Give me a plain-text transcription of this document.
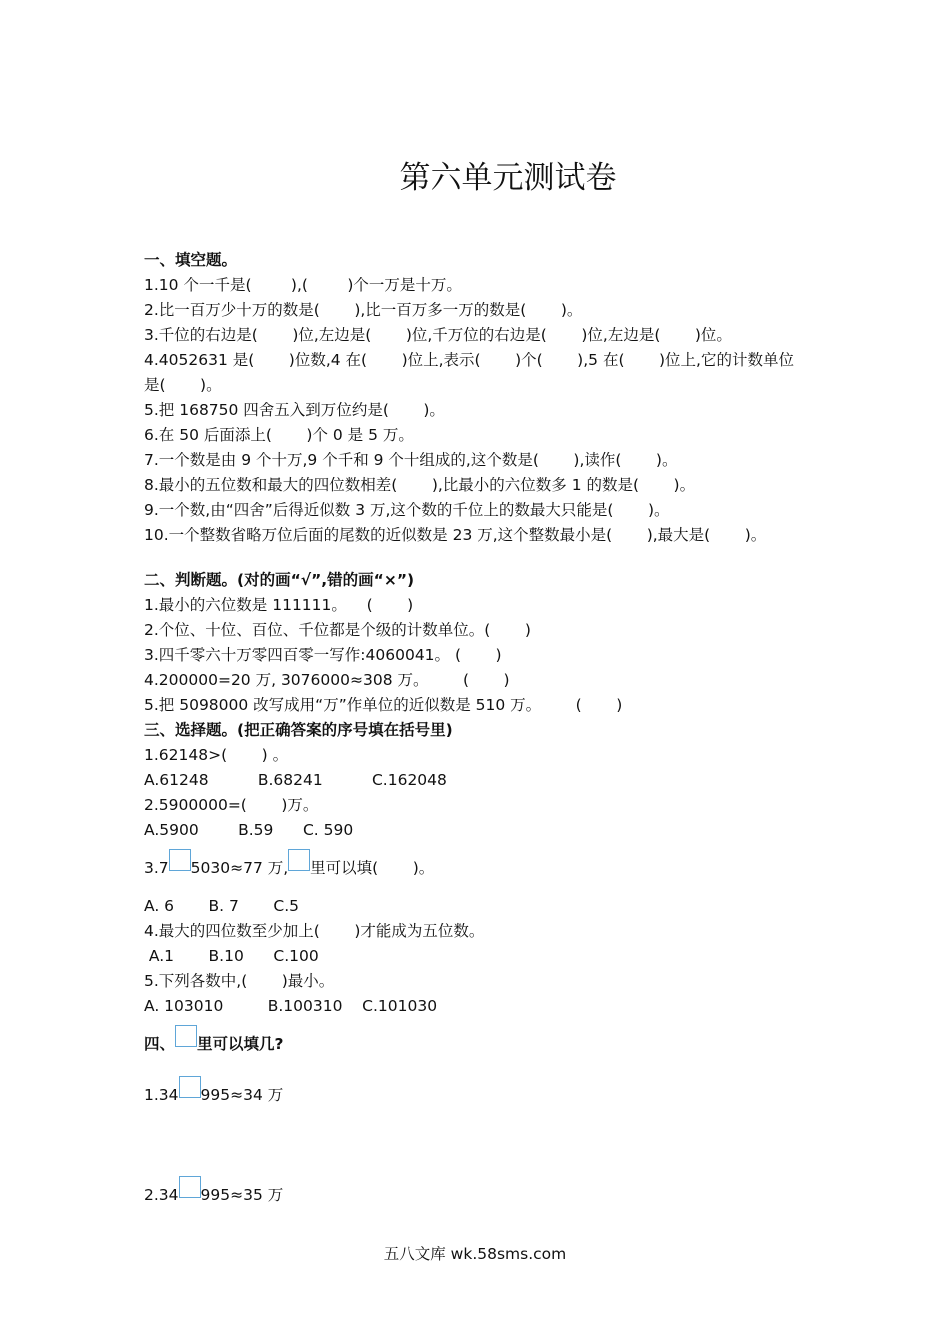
第六单元测试卷
一、填空题。
1.10 个一千是(        ),(        )个一万是十万。
2.比一百万少十万的数是(       ),比一百万多一万的数是(       )。
3.千位的右边是(       )位,左边是(       )位,千万位的右边是(       )位,左边是(       )位。
4.4052631 是(       )位数,4 在(       )位上,表示(       )个(       ),5 在(       )位上,它的计数单位
是(       )。
5.把 168750 四舍五入到万位约是(       )。
6.在 50 后面添上(       )个 0 是 5 万。
7.一个数是由 9 个十万,9 个千和 9 个十组成的,这个数是(       ),读作(       )。
8.最小的五位数和最大的四位数相差(       ),比最小的六位数多 1 的数是(       )。
9.一个数,由“四舍”后得近似数 3 万,这个数的千位上的数最大只能是(       )。
10.一个整数省略万位后面的尾数的近似数是 23 万,这个整数最小是(       ),最大是(       )。
二、判断题。(对的画“√”,错的画“×”)
1.最小的六位数是 111111。    (       )
2.个位、十位、百位、千位都是个级的计数单位。(       )
3.四千零六十万零四百零一写作:4060041。 (       )
4.200000=20 万, 3076000≈308 万。       (       )
5.把 5098000 改写成用“万”作单位的近似数是 510 万。       (       )
三、选择题。(把正确答案的序号填在括号里)
1.62148>(       ) 。
A.61248          B.68241          C.162048
2.5900000=(       )万。
A.5900        B.59      C. 590
3.7 5030≈77 万, 里可以填(       )。
A. 6       B. 7       C.5
4.最大的四位数至少加上(       )才能成为五位数。
A.1       B.10      C.100
5.下列各数中,(       )最小。
A. 103010         B.100310    C.101030
四、 里可以填几?
1.34 995≈34 万
2.34 995≈35 万
五八文库 wk.58sms.com
